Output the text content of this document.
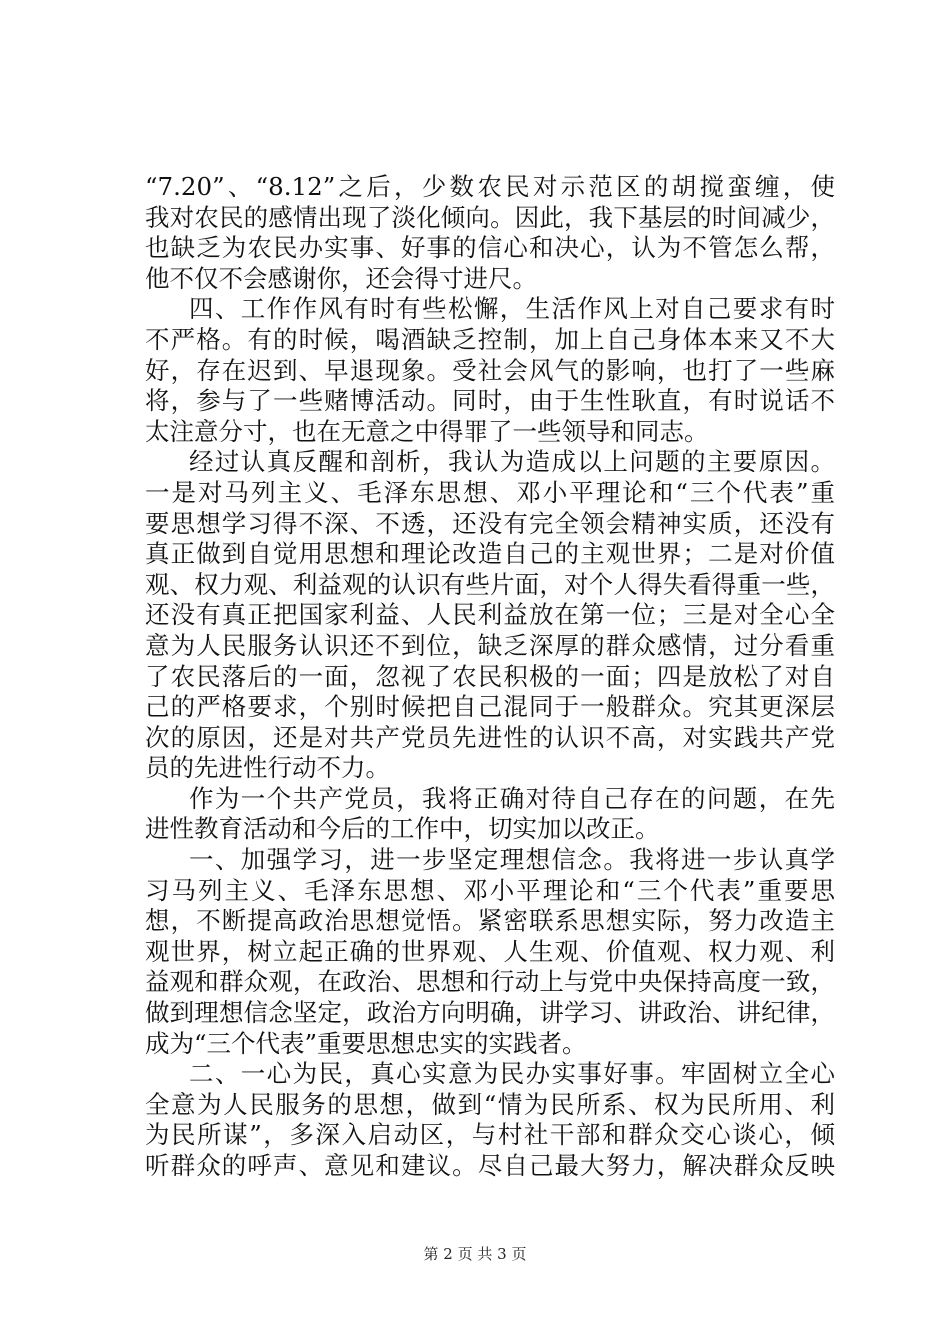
“7.20”、“8.12”之后，少数农民对示范区的胡搅蛮缠，使
我对农民的感情出现了淡化倾向。因此，我下基层的时间减少，
也缺乏为农民办实事、好事的信心和决心，认为不管怎么帮，
他不仅不会感谢你，还会得寸进尺。
四、工作作风有时有些松懈，生活作风上对自己要求有时
不严格。有的时候，喝酒缺乏控制，加上自己身体本来又不大
好，存在迟到、早退现象。受社会风气的影响，也打了一些麻
将，参与了一些赌博活动。同时，由于生性耿直，有时说话不
太注意分寸，也在无意之中得罪了一些领导和同志。
经过认真反醒和剖析，我认为造成以上问题的主要原因。
一是对马列主义、毛泽东思想、邓小平理论和“三个代表”重
要思想学习得不深、不透，还没有完全领会精神实质，还没有
真正做到自觉用思想和理论改造自己的主观世界；二是对价值
观、权力观、利益观的认识有些片面，对个人得失看得重一些，
还没有真正把国家利益、人民利益放在第一位；三是对全心全
意为人民服务认识还不到位，缺乏深厚的群众感情，过分看重
了农民落后的一面，忽视了农民积极的一面；四是放松了对自
己的严格要求，个别时候把自己混同于一般群众。究其更深层
次的原因，还是对共产党员先进性的认识不高，对实践共产党
员的先进性行动不力。
作为一个共产党员，我将正确对待自己存在的问题，在先
进性教育活动和今后的工作中，切实加以改正。
一、加强学习，进一步坚定理想信念。我将进一步认真学
习马列主义、毛泽东思想、邓小平理论和“三个代表”重要思
想，不断提高政治思想觉悟。紧密联系思想实际，努力改造主
观世界，树立起正确的世界观、人生观、价值观、权力观、利
益观和群众观，在政治、思想和行动上与党中央保持高度一致，
做到理想信念坚定，政治方向明确，讲学习、讲政治、讲纪律，
成为“三个代表”重要思想忠实的实践者。
二、一心为民，真心实意为民办实事好事。牢固树立全心
全意为人民服务的思想，做到“情为民所系、权为民所用、利
为民所谋”，多深入启动区，与村社干部和群众交心谈心，倾
听群众的呼声、意见和建议。尽自己最大努力，解决群众反映
第 2 页 共 3 页
